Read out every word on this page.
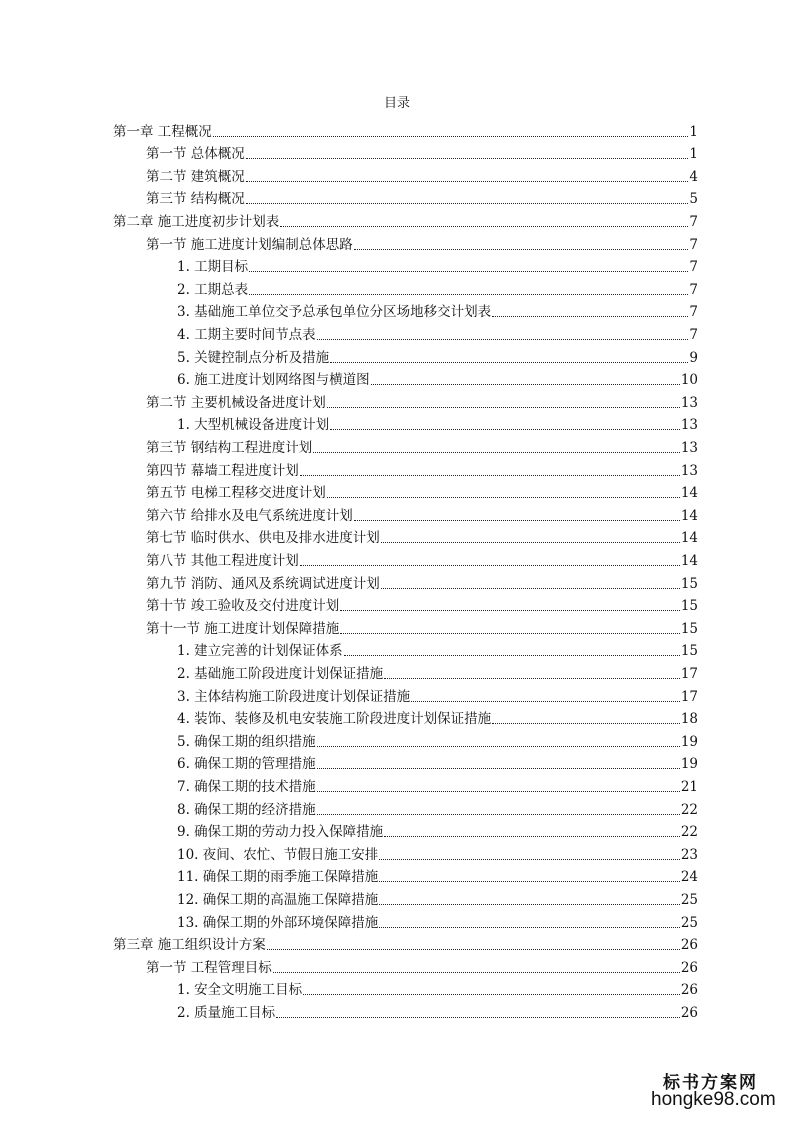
目录
第一章 工程概况	1
第一节 总体概况	1
第二节 建筑概况	4
第三节 结构概况	5
第二章 施工进度初步计划表	7
第一节 施工进度计划编制总体思路	7
1. 工期目标	7
2. 工期总表	7
3. 基础施工单位交予总承包单位分区场地移交计划表	7
4. 工期主要时间节点表	7
5. 关键控制点分析及措施	9
6. 施工进度计划网络图与横道图	10
第二节 主要机械设备进度计划	13
1. 大型机械设备进度计划	13
第三节 钢结构工程进度计划	13
第四节 幕墙工程进度计划	13
第五节 电梯工程移交进度计划	14
第六节 给排水及电气系统进度计划	14
第七节 临时供水、供电及排水进度计划	14
第八节 其他工程进度计划	14
第九节 消防、通风及系统调试进度计划	15
第十节 竣工验收及交付进度计划	15
第十一节 施工进度计划保障措施	15
1. 建立完善的计划保证体系	15
2. 基础施工阶段进度计划保证措施	17
3. 主体结构施工阶段进度计划保证措施	17
4. 装饰、装修及机电安装施工阶段进度计划保证措施	18
5. 确保工期的组织措施	19
6. 确保工期的管理措施	19
7. 确保工期的技术措施	21
8. 确保工期的经济措施	22
9. 确保工期的劳动力投入保障措施	22
10. 夜间、农忙、节假日施工安排	23
11. 确保工期的雨季施工保障措施	24
12. 确保工期的高温施工保障措施	25
13. 确保工期的外部环境保障措施	25
第三章 施工组织设计方案	26
第一节 工程管理目标	26
1. 安全文明施工目标	26
2. 质量施工目标	26
标书方案网
hongke98.com
